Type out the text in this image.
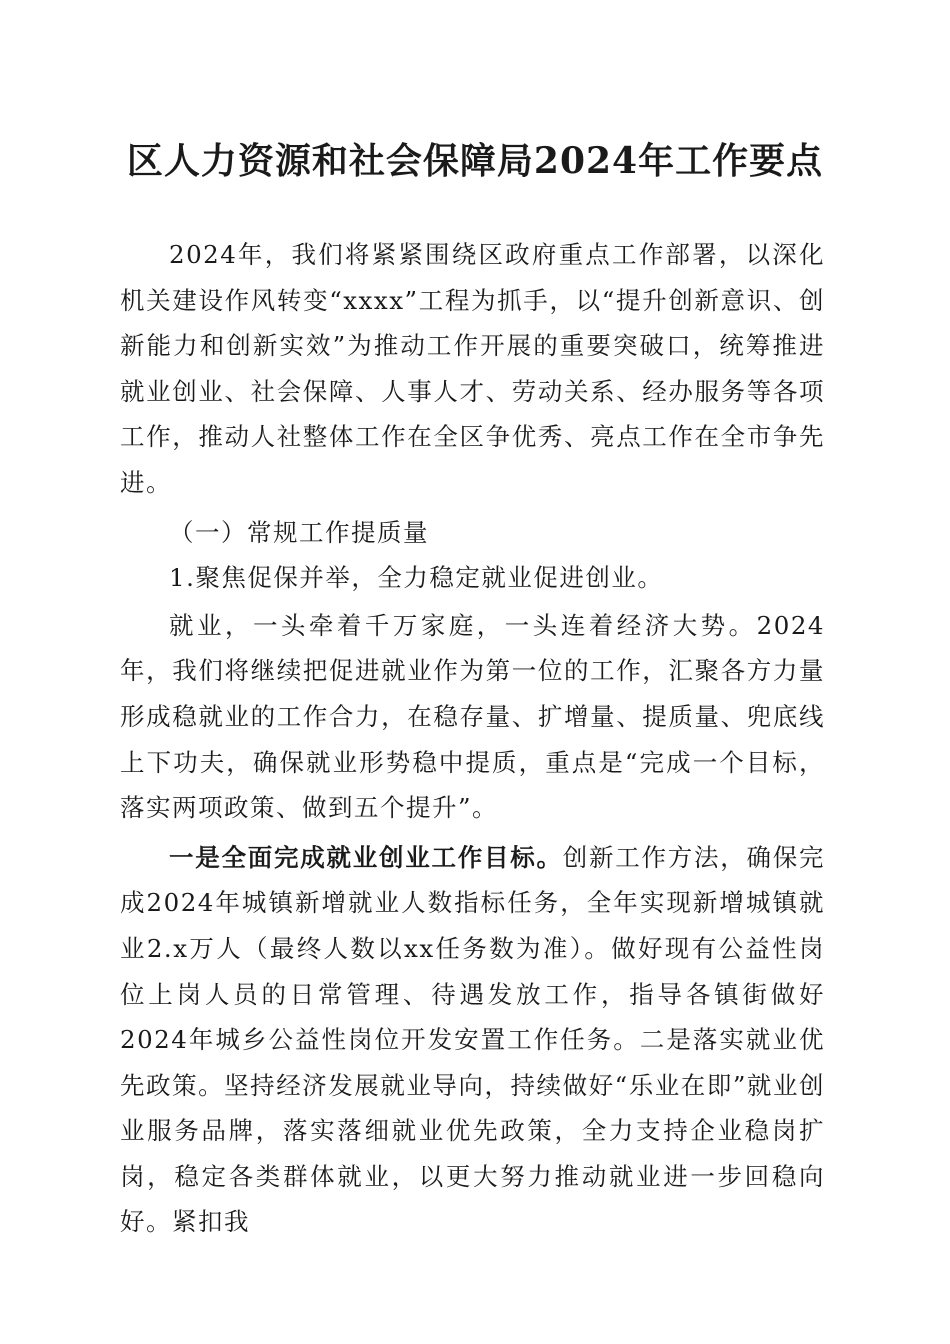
区人力资源和社会保障局2024年工作要点

2024年，我们将紧紧围绕区政府重点工作部署，以深化机关建设作风转变“xxxx”工程为抓手，以“提升创新意识、创新能力和创新实效”为推动工作开展的重要突破口，统筹推进就业创业、社会保障、人事人才、劳动关系、经办服务等各项工作，推动人社整体工作在全区争优秀、亮点工作在全市争先进。

（一）常规工作提质量

1.聚焦促保并举，全力稳定就业促进创业。

就业，一头牵着千万家庭，一头连着经济大势。2024年，我们将继续把促进就业作为第一位的工作，汇聚各方力量形成稳就业的工作合力，在稳存量、扩增量、提质量、兜底线上下功夫，确保就业形势稳中提质，重点是“完成一个目标，落实两项政策、做到五个提升”。

一是全面完成就业创业工作目标。创新工作方法，确保完成2024年城镇新增就业人数指标任务，全年实现新增城镇就业2.x万人（最终人数以xx任务数为准）。做好现有公益性岗位上岗人员的日常管理、待遇发放工作，指导各镇街做好2024年城乡公益性岗位开发安置工作任务。二是落实就业优先政策。坚持经济发展就业导向，持续做好“乐业在即”就业创业服务品牌，落实落细就业优先政策，全力支持企业稳岗扩岗，稳定各类群体就业，以更大努力推动就业进一步回稳向好。紧扣我
